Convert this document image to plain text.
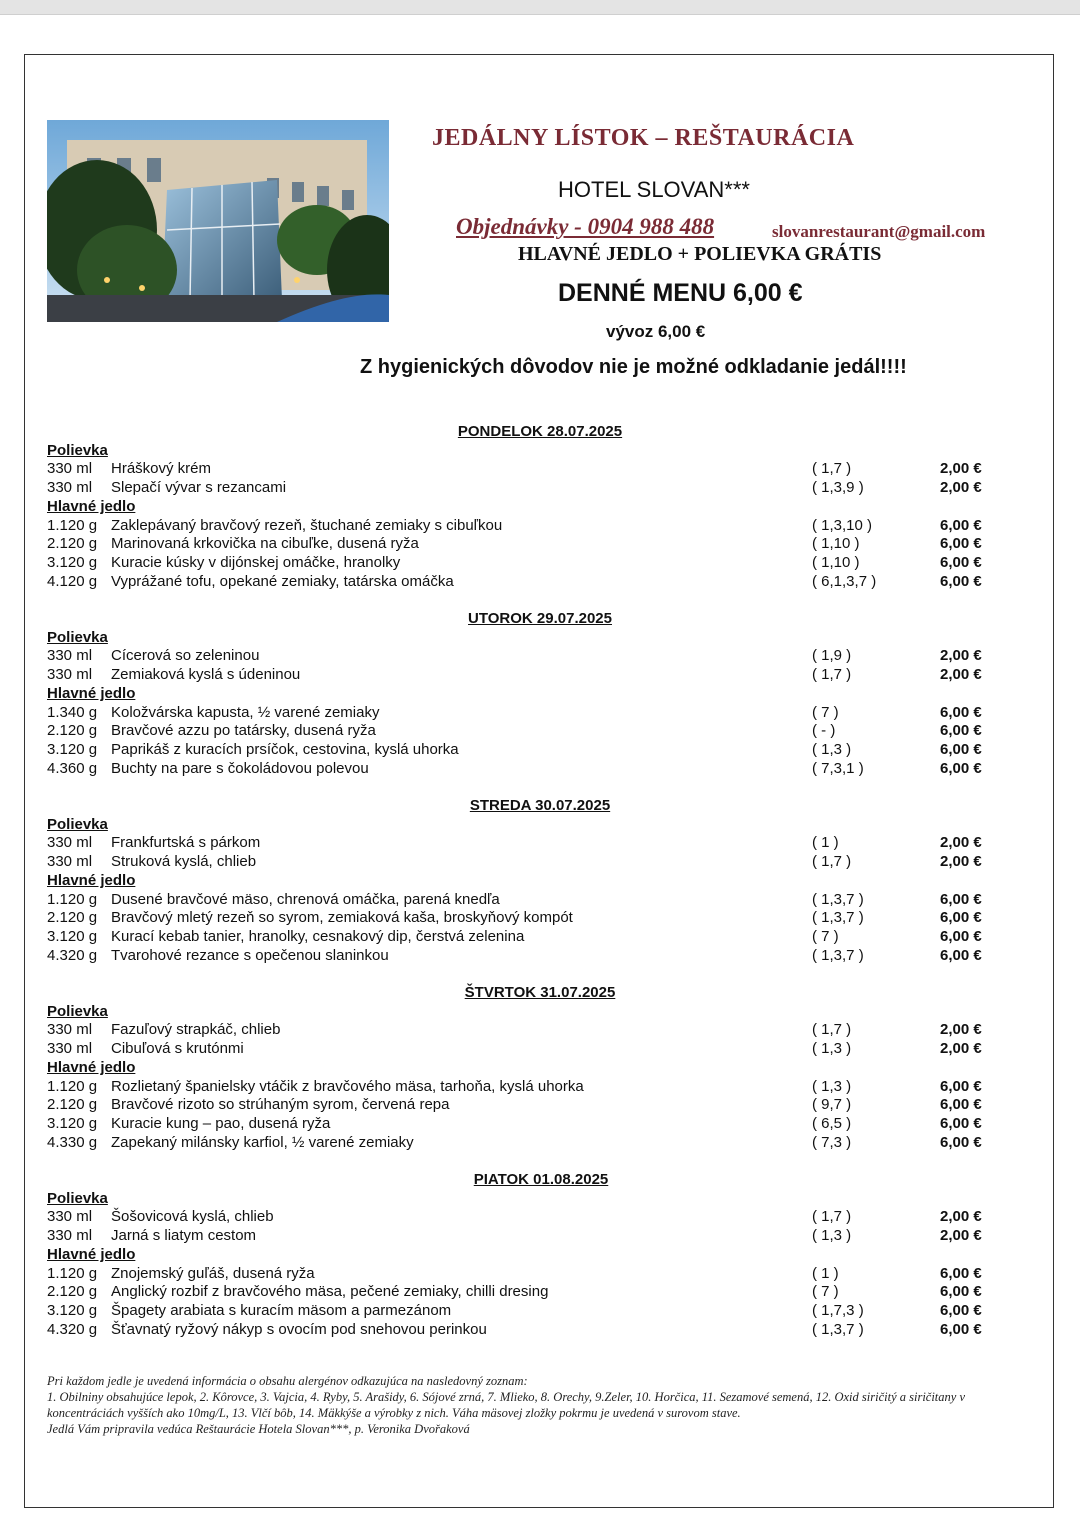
JEDÁLNY LÍSTOK – REŠTAURÁCIA
HOTEL SLOVAN***
Objednávky - 0904 988 488	slovanrestaurant@gmail.com
HLAVNÉ JEDLO + POLIEVKA GRÁTIS
DENNÉ MENU 6,00 €
vývoz 6,00 €
Z hygienických dôvodov nie je možné odkladanie jedál!!!!
PONDELOK 28.07.2025
Polievka
330 ml Hráškový krém	( 1,7 )	2,00 €
330 ml Slepačí vývar s rezancami	( 1,3,9 )	2,00 €
Hlavné jedlo
1.120 g Zaklepávaný bravčový rezeň, štuchané zemiaky s cibuľkou	( 1,3,10 )	6,00 €
2.120 g Marinovaná krkovička na cibuľke, dusená ryža	( 1,10 )	6,00 €
3.120 g Kuracie kúsky v dijónskej omáčke, hranolky	( 1,10 )	6,00 €
4.120 g Vyprážané tofu, opekané zemiaky, tatárska omáčka	( 6,1,3,7 )	6,00 €
UTOROK 29.07.2025
Polievka
330 ml Cícerová so zeleninou	( 1,9 )	2,00 €
330 ml Zemiaková kyslá s údeninou	( 1,7 )	2,00 €
Hlavné jedlo
1.340 g Koložvárska kapusta, ½ varené zemiaky	( 7 )	6,00 €
2.120 g Bravčové azzu po tatársky, dusená ryža	( - )	6,00 €
3.120 g Paprikáš z kuracích prsíčok, cestovina, kyslá uhorka	( 1,3 )	6,00 €
4.360 g Buchty na pare s čokoládovou polevou	( 7,3,1 )	6,00 €
STREDA 30.07.2025
Polievka
330 ml Frankfurtská s párkom	( 1 )	2,00 €
330 ml Struková kyslá, chlieb	( 1,7 )	2,00 €
Hlavné jedlo
1.120 g Dusené bravčové mäso, chrenová omáčka, parená knedľa	( 1,3,7 )	6,00 €
2.120 g Bravčový mletý rezeň so syrom, zemiaková kaša, broskyňový kompót	( 1,3,7 )	6,00 €
3.120 g Kurací kebab tanier, hranolky, cesnakový dip, čerstvá zelenina	( 7 )	6,00 €
4.320 g Tvarohové rezance s opečenou slaninkou	( 1,3,7 )	6,00 €
ŠTVRTOK 31.07.2025
Polievka
330 ml Fazuľový strapkáč, chlieb	( 1,7 )	2,00 €
330 ml Cibuľová s krutónmi	( 1,3 )	2,00 €
Hlavné jedlo
1.120 g Rozlietaný španielsky vtáčik z bravčového mäsa, tarhoňa, kyslá uhorka	( 1,3 )	6,00 €
2.120 g Bravčové rizoto so strúhaným syrom, červená repa	( 9,7 )	6,00 €
3.120 g Kuracie kung – pao, dusená ryža	( 6,5 )	6,00 €
4.330 g Zapekaný milánsky karfiol, ½ varené zemiaky	( 7,3 )	6,00 €
PIATOK 01.08.2025
Polievka
330 ml Šošovicová kyslá, chlieb	( 1,7 )	2,00 €
330 ml Jarná s liatym cestom	( 1,3 )	2,00 €
Hlavné jedlo
1.120 g Znojemský guľáš, dusená ryža	( 1 )	6,00 €
2.120 g Anglický rozbif z bravčového mäsa, pečené zemiaky, chilli dresing	( 7 )	6,00 €
3.120 g Špagety arabiata s kuracím mäsom a parmezánom	( 1,7,3 )	6,00 €
4.320 g Šťavnatý ryžový nákyp s ovocím pod snehovou perinkou	( 1,3,7 )	6,00 €
Pri každom jedle je uvedená informácia o obsahu alergénov odkazujúca na nasledovný zoznam:
1. Obilniny obsahujúce lepok, 2. Kôrovce, 3. Vajcia, 4. Ryby, 5. Arašidy, 6. Sójové zrná, 7. Mlieko, 8. Orechy, 9.Zeler, 10. Horčica, 11. Sezamové semená, 12. Oxid siričitý a siričitany v koncentráciách vyšších ako 10mg/L, 13. Vlčí bôb, 14. Mäkkýše a výrobky z nich. Váha mäsovej zložky pokrmu je uvedená v surovom stave.
Jedlá Vám pripravila vedúca Reštaurácie Hotela Slovan***, p. Veronika Dvořaková
